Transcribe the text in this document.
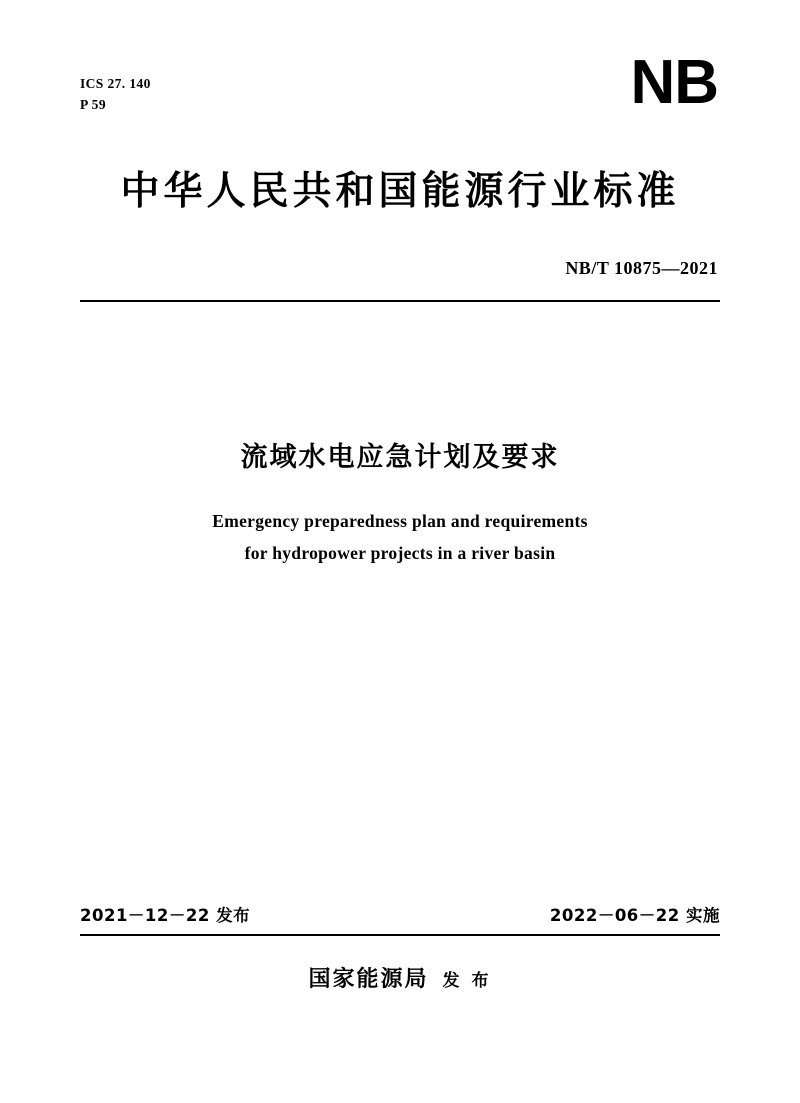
ICS 27. 140
P 59	NB
中华人民共和国能源行业标准
NB/T 10875—2021
流域水电应急计划及要求
Emergency preparedness plan and requirements
for hydropower projects in a river basin
2021－12－22 发布	2022－06－22 实施
国家能源局 发 布
